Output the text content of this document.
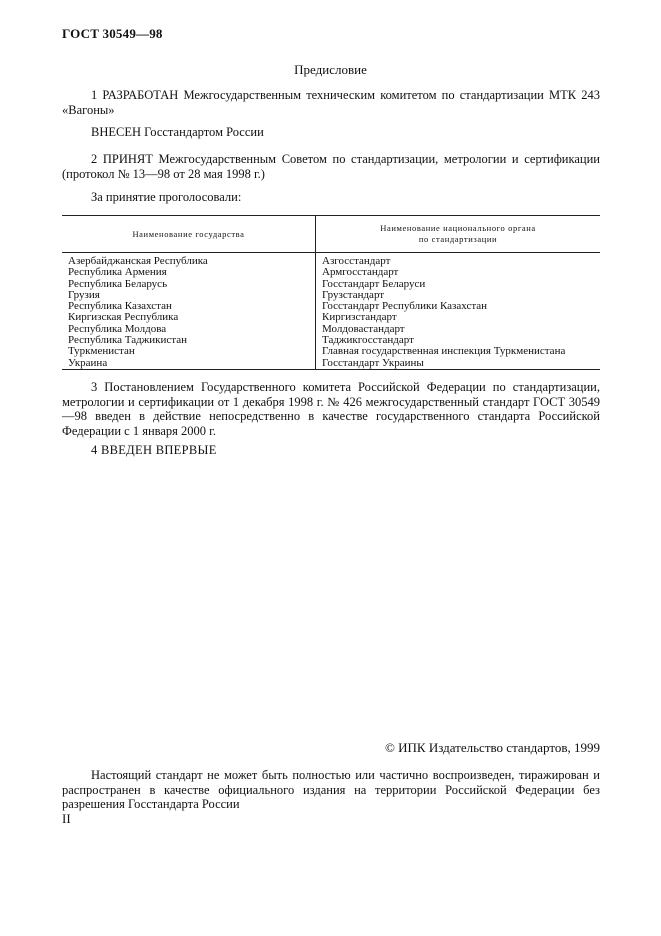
ГОСТ 30549—98
Предисловие

1 РАЗРАБОТАН Межгосударственным техническим комитетом по стандартизации МТК 243 «Вагоны»

ВНЕСЕН Госстандартом России

2 ПРИНЯТ Межгосударственным Советом по стандартизации, метрологии и сертификации (протокол № 13—98 от 28 мая 1998 г.)

За принятие проголосовали:

Наименование государства
Наименование национального органа
по стандартизации
Азербайджанская Республика
Республика Армения
Республика Беларусь
Грузия
Республика Казахстан
Киргизская Республика
Республика Молдова
Республика Таджикистан
Туркменистан
Украина
Азгосстандарт
Армгосстандарт
Госстандарт Беларуси
Грузстандарт
Госстандарт Республики Казахстан
Киргизстандарт
Молдовастандарт
Таджикгосстандарт
Главная государственная инспекция Туркменистана
Госстандарт Украины

3 Постановлением Государственного комитета Российской Федерации по стандартизации, метрологии и сертификации от 1 декабря 1998 г. № 426 межгосударственный стандарт ГОСТ 30549—98 введен в действие непосредственно в качестве государственного стандарта Российской Федерации с 1 января 2000 г.

4 ВВЕДЕН ВПЕРВЫЕ

© ИПК Издательство стандартов, 1999

Настоящий стандарт не может быть полностью или частично воспроизведен, тиражирован и распространен в качестве официального издания на территории Российской Федерации без разрешения Госстандарта России

II
